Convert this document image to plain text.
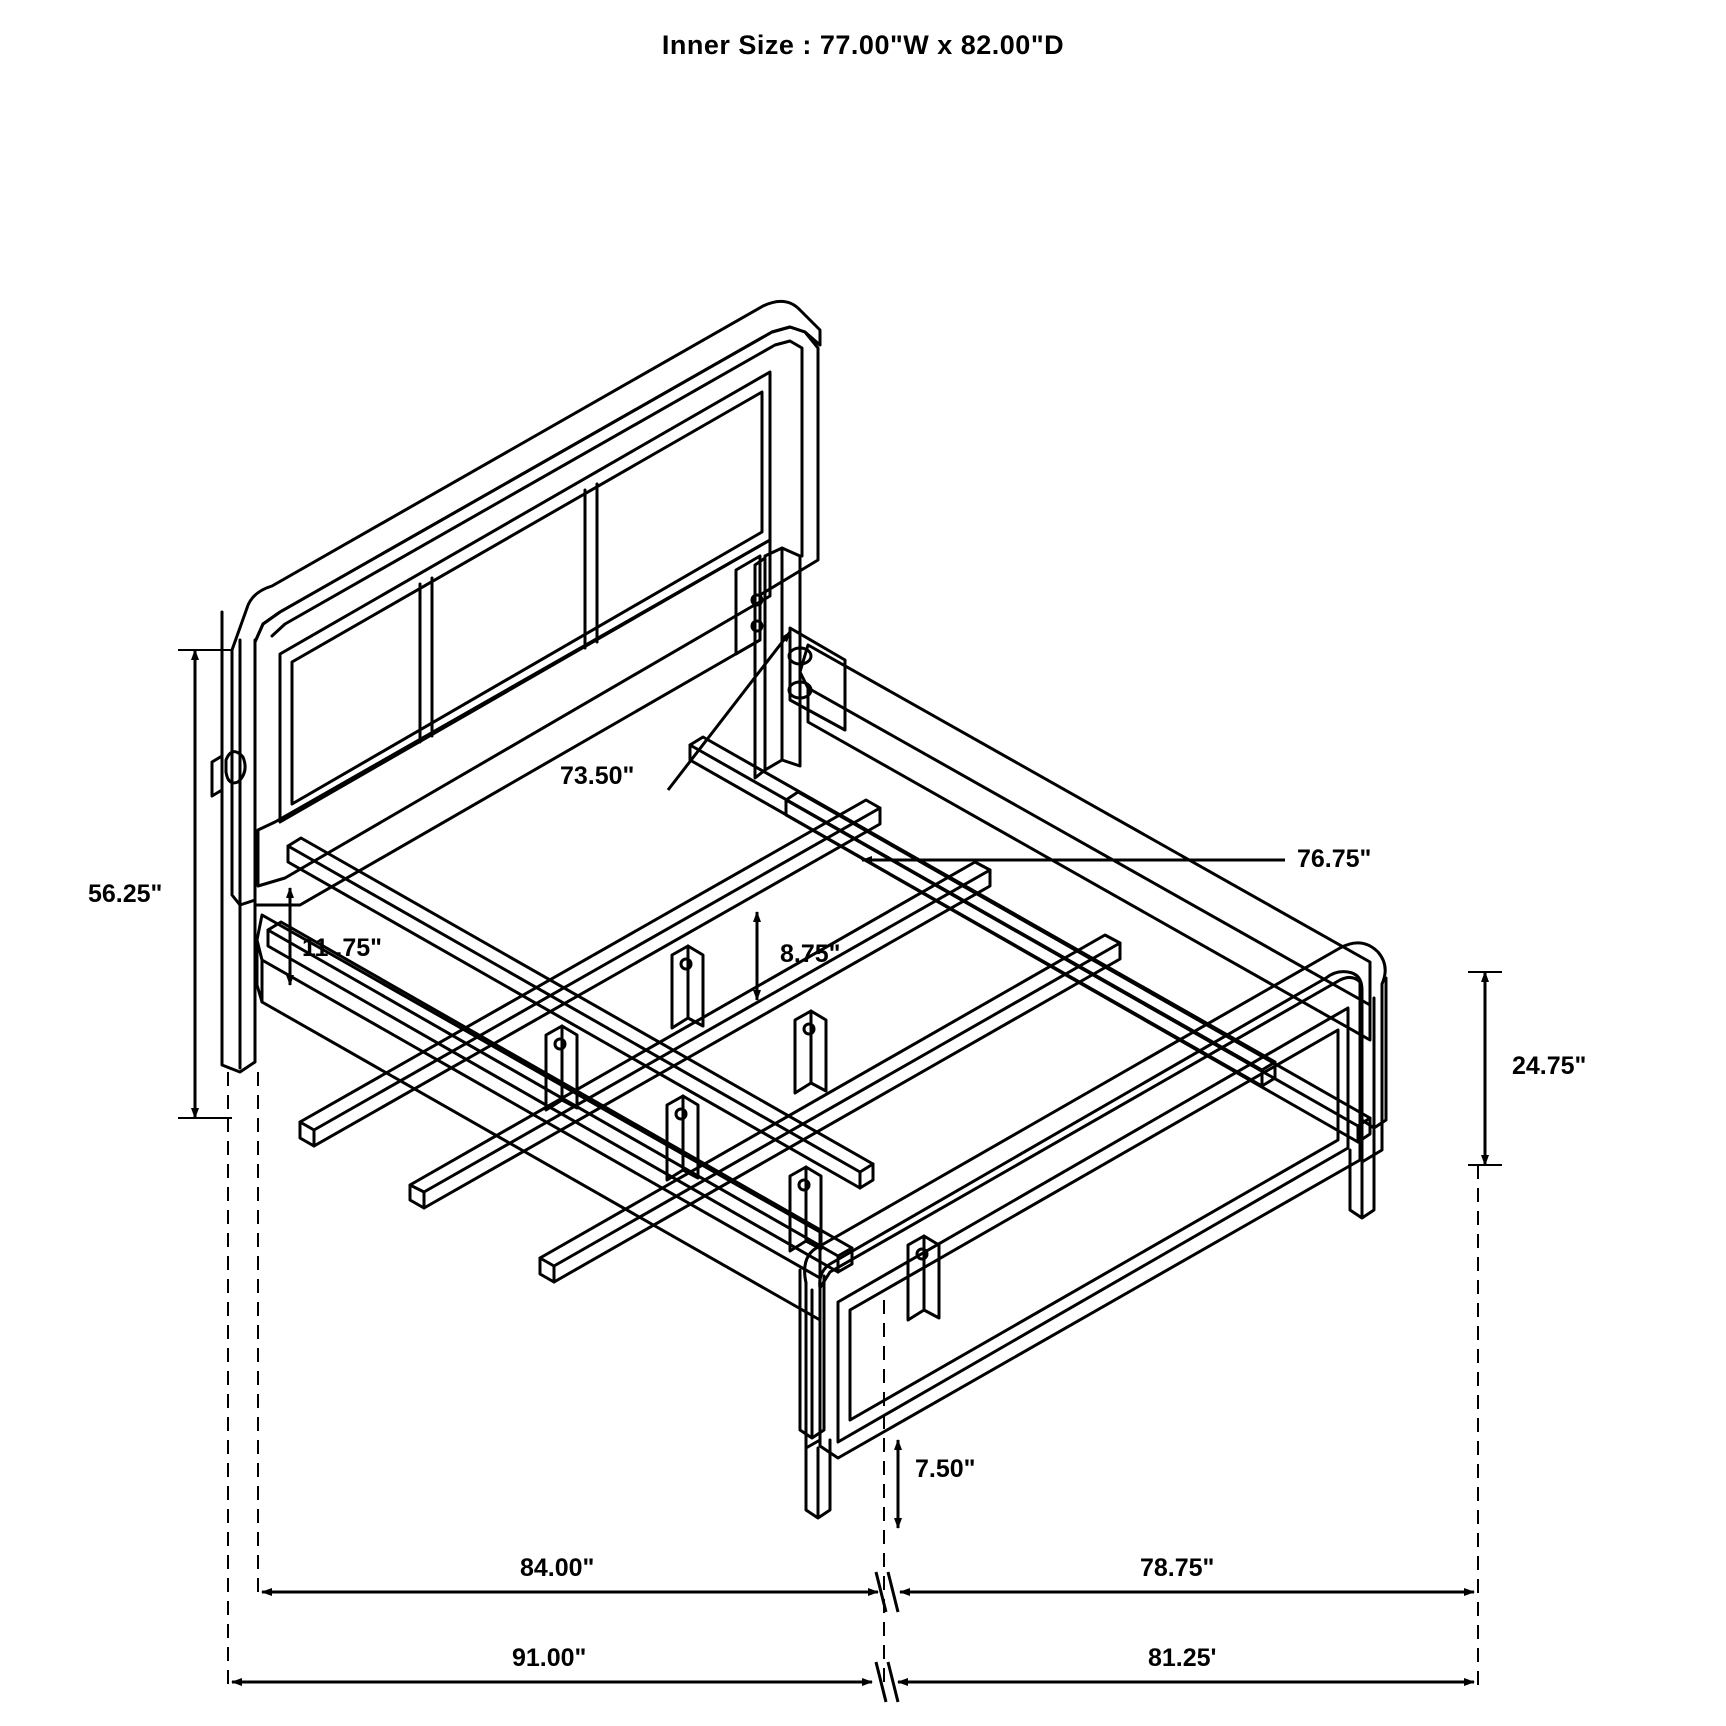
Inner Size : 77.00"W x 82.00"D
56.25"
73.50"
11 .75"	8.75"
76.75"
24.75"
7.50"
84.00"	78.75"
91.00"	81.25'
